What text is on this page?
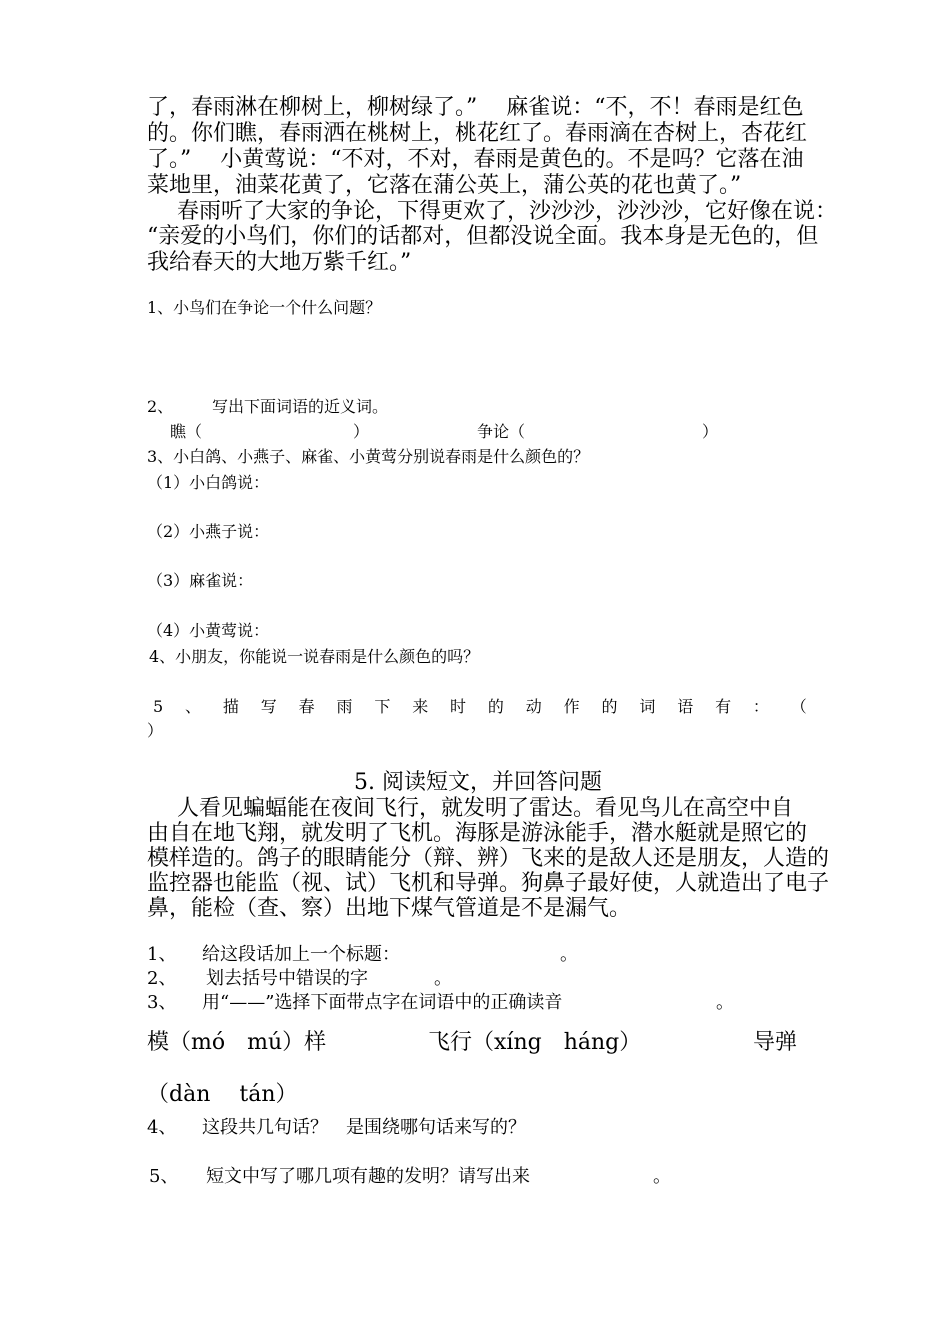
了，春雨淋在柳树上，柳树绿了。”　 麻雀说：“不，不！春雨是红色
的。你们瞧，春雨洒在桃树上，桃花红了。春雨滴在杏树上，杏花红
了。”　 小黄莺说：“不对，不对，春雨是黄色的。不是吗？它落在油
菜地里，油菜花黄了，它落在蒲公英上，蒲公英的花也黄了。”
　春雨听了大家的争论，下得更欢了，沙沙沙，沙沙沙，它好像在说：
“亲爱的小鸟们，你们的话都对，但都没说全面。我本身是无色的，但
我给春天的大地万紫千红。”
1、小鸟们在争论一个什么问题？
2、 写出下面词语的近义词。
瞧（	）	争论（	）
3、小白鸽、小燕子、麻雀、小黄莺分别说春雨是什么颜色的？
（1）小白鸽说：
（2）小燕子说：
（3）麻雀说：
（4）小黄莺说：
4、小朋友，你能说一说春雨是什么颜色的吗？
5 、 描 写 春 雨 下 来 时 的 动 作 的 词 语 有 ： （
）
5. 阅读短文，并回答问题
　人看见蝙蝠能在夜间飞行，就发明了雷达。看见鸟儿在高空中自
由自在地飞翔，就发明了飞机。海豚是游泳能手，潜水艇就是照它的
模样造的。鸽子的眼睛能分（辩、辨）飞来的是敌人还是朋友，人造的
监控器也能监（视、试）飞机和导弹。狗鼻子最好使，人就造出了电子
鼻，能检（查、察）出地下煤气管道是不是漏气。
1、 给这段话加上一个标题：	。
2、 划去括号中错误的字	。
3、 用“——”选择下面带点字在词语中的正确读音	。
模（mó　mú）样	飞行（xíng　háng）	导弹
（dàn　 tán）
4、 这段共几句话？　是围绕哪句话来写的？
5、 短文中写了哪几项有趣的发明？请写出来	。
